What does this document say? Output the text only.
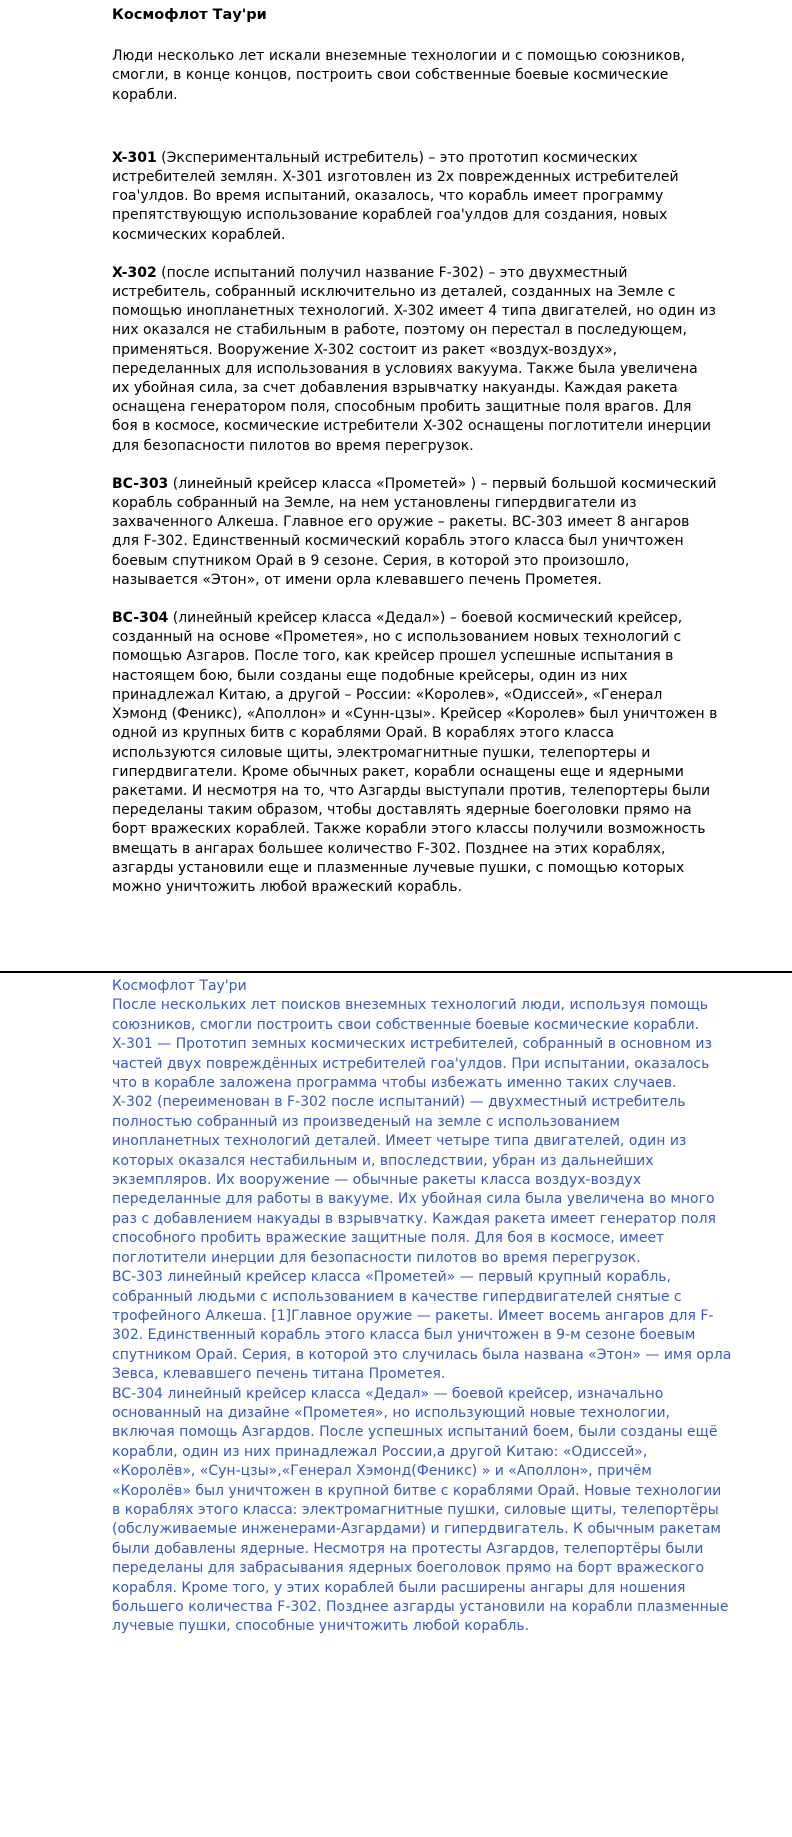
Космофлот Тау'ри

Люди несколько лет искали внеземные технологии и с помощью союзников, смогли, в конце концов, построить свои собственные боевые космические корабли.

X-301 (Экспериментальный истребитель) – это прототип космических истребителей землян. X-301 изготовлен из 2х поврежденных истребителей гоа'улдов. Во время испытаний, оказалось, что корабль имеет программу препятствующую использование кораблей гоа'улдов для создания, новых космических кораблей.

X-302 (после испытаний получил название F-302) – это двухместный истребитель, собранный исключительно из деталей, созданных на Земле с помощью инопланетных технологий. X-302 имеет 4 типа двигателей, но один из них оказался не стабильным в работе, поэтому он перестал в последующем, применяться. Вооружение X-302 состоит из ракет «воздух-воздух», переделанных для использования в условиях вакуума. Также была увеличена их убойная сила, за счет добавления взрывчатку накуанды. Каждая ракета оснащена генератором поля, способным пробить защитные поля врагов. Для боя в космосе, космические истребители X-302 оснащены поглотители инерции для безопасности пилотов во время перегрузок.

BC-303 (линейный крейсер класса «Прометей» ) – первый большой космический корабль собранный на Земле, на нем установлены гипердвигатели из захваченного Алкеша. Главное его оружие – ракеты. BC-303 имеет 8 ангаров для F-302. Единственный космический корабль этого класса был уничтожен боевым спутником Орай в 9 сезоне. Серия, в которой это произошло, называется «Этон», от имени орла клевавшего печень Прометея.

BC-304 (линейный крейсер класса «Дедал») – боевой космический крейсер, созданный на основе «Прометея», но с использованием новых технологий с помощью Азгаров. После того, как крейсер прошел успешные испытания в настоящем бою, были созданы еще подобные крейсеры, один из них принадлежал Китаю, а другой – России: «Королев», «Одиссей», «Генерал Хэмонд (Феникс), «Аполлон» и «Сунн-цзы». Крейсер «Королев» был уничтожен в одной из крупных битв с кораблями Орай. В кораблях этого класса используются силовые щиты, электромагнитные пушки, телепортеры и гипердвигатели. Кроме обычных ракет, корабли оснащены еще и ядерными ракетами. И несмотря на то, что Азгарды выступали против, телепортеры были переделаны таким образом, чтобы доставлять ядерные боеголовки прямо на борт вражеских кораблей. Также корабли этого классы получили возможность вмещать в ангарах большее количество F-302. Позднее на этих кораблях, азгарды установили еще и плазменные лучевые пушки, с помощью которых можно уничтожить любой вражеский корабль.

Космофлот Тау'ри

После нескольких лет поисков внеземных технологий люди, используя помощь союзников, смогли построить свои собственные боевые космические корабли.

X-301 — Прототип земных космических истребителей, собранный в основном из частей двух повреждённых истребителей гоа'улдов. При испытании, оказалось что в корабле заложена программа чтобы избежать именно таких случаев.

X-302 (переименован в F-302 после испытаний) — двухместный истребитель полностью собранный из произведеный на земле с использованием инопланетных технологий деталей. Имеет четыре типа двигателей, один из которых оказался нестабильным и, впоследствии, убран из дальнейших экземпляров. Их вооружение — обычные ракеты класса воздух-воздух переделанные для работы в вакууме. Их убойная сила была увеличена во много раз с добавлением накуады в взрывчатку. Каждая ракета имеет генератор поля способного пробить вражеские защитные поля. Для боя в космосе, имеет поглотители инерции для безопасности пилотов во время перегрузок.

BC-303 линейный крейсер класса «Прометей» — первый крупный корабль, собранный людьми с использованием в качестве гипердвигателей снятые с трофейного Алкеша. [1]Главное оружие — ракеты. Имеет восемь ангаров для F-302. Единственный корабль этого класса был уничтожен в 9-м сезоне боевым спутником Орай. Серия, в которой это случилась была названа «Этон» — имя орла Зевса, клевавшего печень титана Прометея.

BC-304 линейный крейсер класса «Дедал» — боевой крейсер, изначально основанный на дизайне «Прометея», но использующий новые технологии, включая помощь Азгардов. После успешных испытаний боем, были созданы ещё корабли, один из них принадлежал России,а другой Китаю: «Одиссей», «Королёв», «Сун-цзы»,«Генерал Хэмонд(Феникс) » и «Аполлон», причём «Королёв» был уничтожен в крупной битве с кораблями Орай. Новые технологии в кораблях этого класса: электромагнитные пушки, силовые щиты, телепортёры (обслуживаемые инженерами-Азгардами) и гипердвигатель. К обычным ракетам были добавлены ядерные. Несмотря на протесты Азгардов, телепортёры были переделаны для забрасывания ядерных боеголовок прямо на борт вражеского корабля. Кроме того, у этих кораблей были расширены ангары для ношения большего количества F-302. Позднее азгарды установили на корабли плазменные лучевые пушки, способные уничтожить любой корабль.
